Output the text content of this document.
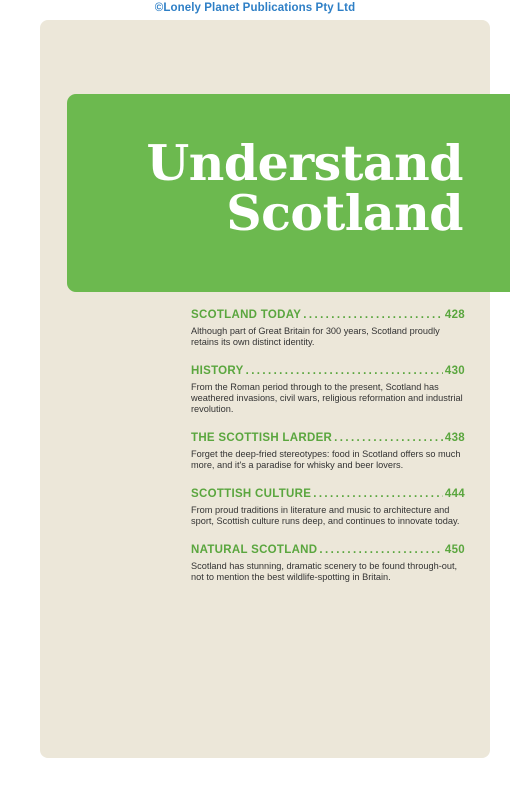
©Lonely Planet Publications Pty Ltd
Understand
Scotland
SCOTLAND TODAY .....	428
Although part of Great Britain for 300 years, Scotland proudly retains its own distinct identity.
HISTORY .....	430
From the Roman period through to the present, Scotland has weathered invasions, civil wars, religious reformation and industrial revolution.
THE SCOTTISH LARDER .....	438
Forget the deep-fried stereotypes: food in Scotland offers so much more, and it's a paradise for whisky and beer lovers.
SCOTTISH CULTURE .....	444
From proud traditions in literature and music to architecture and sport, Scottish culture runs deep, and continues to innovate today.
NATURAL SCOTLAND .....	450
Scotland has stunning, dramatic scenery to be found through-out, not to mention the best wildlife-spotting in Britain.
